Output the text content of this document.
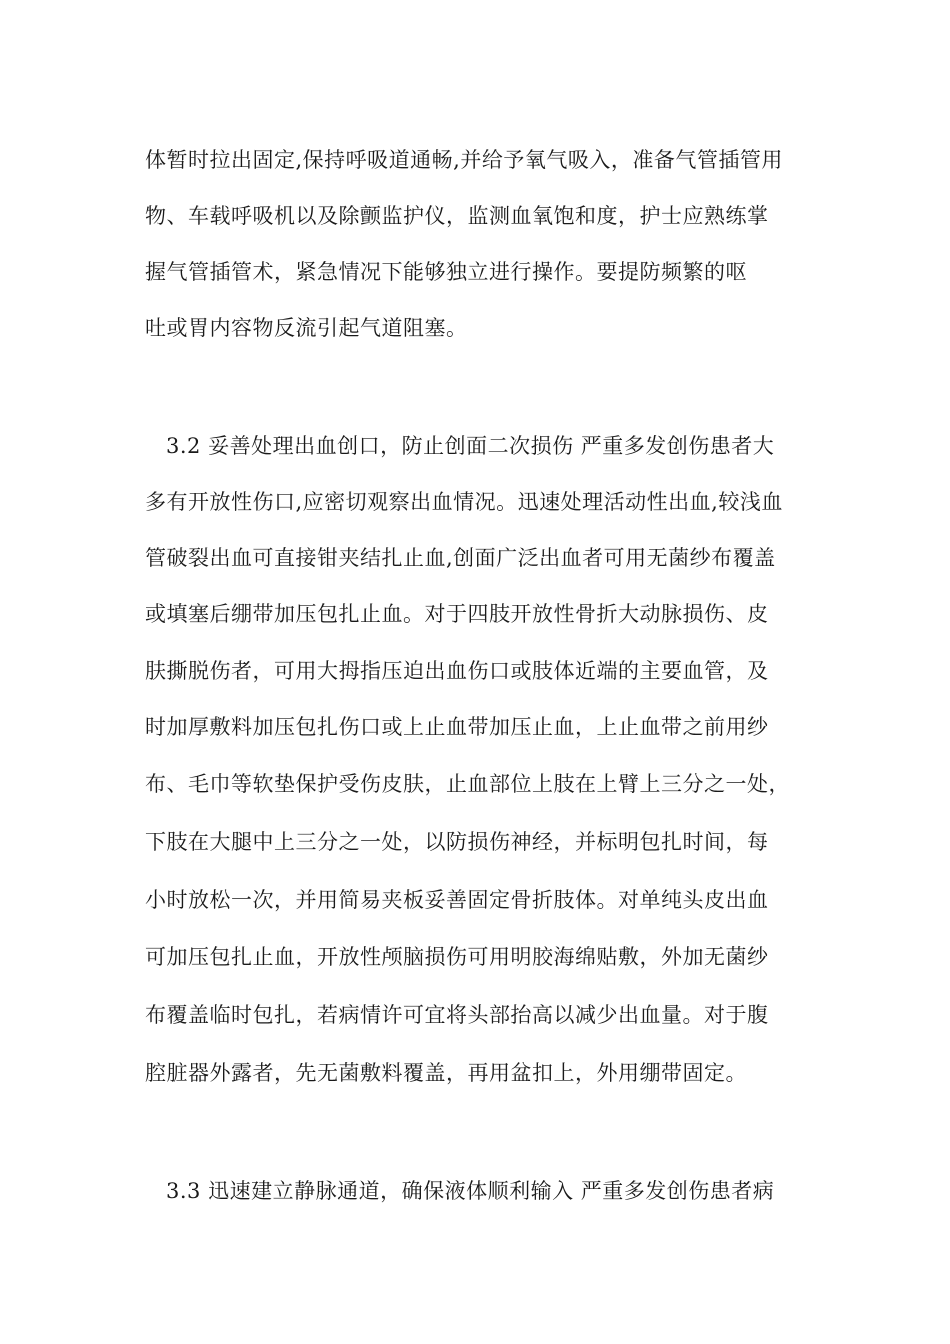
体暂时拉出固定,保持呼吸道通畅,并给予氧气吸入，准备气管插管用
物、车载呼吸机以及除颤监护仪，监测血氧饱和度，护士应熟练掌
握气管插管术，紧急情况下能够独立进行操作。要提防频繁的呕
吐或胃内容物反流引起气道阻塞。
3.2 妥善处理出血创口，防止创面二次损伤 严重多发创伤患者大
多有开放性伤口,应密切观察出血情况。迅速处理活动性出血,较浅血
管破裂出血可直接钳夹结扎止血,创面广泛出血者可用无菌纱布覆盖
或填塞后绷带加压包扎止血。对于四肢开放性骨折大动脉损伤、皮
肤撕脱伤者，可用大拇指压迫出血伤口或肢体近端的主要血管，及
时加厚敷料加压包扎伤口或上止血带加压止血，上止血带之前用纱
布、毛巾等软垫保护受伤皮肤，止血部位上肢在上臂上三分之一处，
下肢在大腿中上三分之一处，以防损伤神经，并标明包扎时间，每
小时放松一次，并用简易夹板妥善固定骨折肢体。对单纯头皮出血
可加压包扎止血，开放性颅脑损伤可用明胶海绵贴敷，外加无菌纱
布覆盖临时包扎，若病情许可宜将头部抬高以减少出血量。对于腹
腔脏器外露者，先无菌敷料覆盖，再用盆扣上，外用绷带固定。
3.3 迅速建立静脉通道，确保液体顺利输入 严重多发创伤患者病
